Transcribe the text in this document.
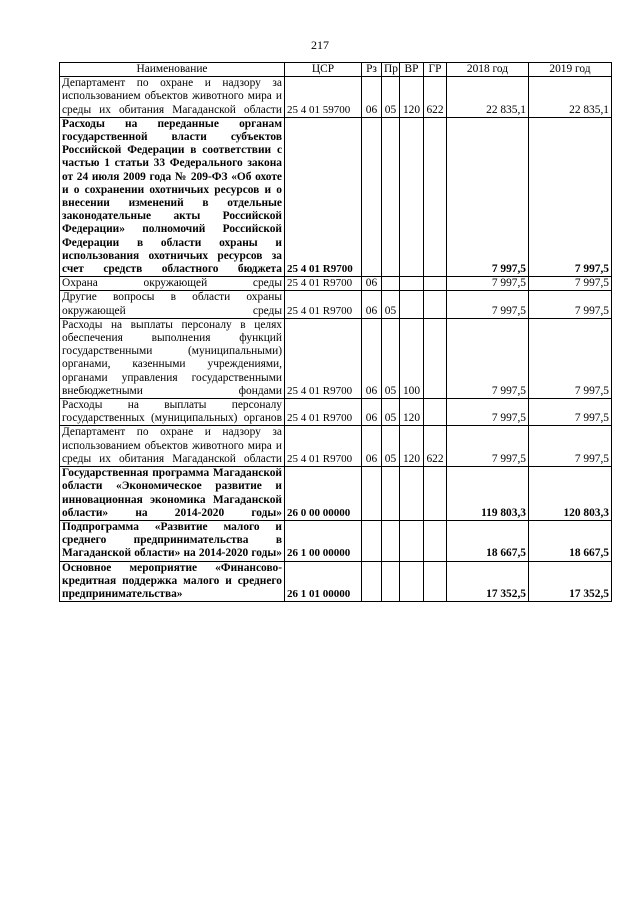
217
Наименование	ЦСР	Рз	Пр	ВР	ГР	2018 год	2019 год
Департамент по охране и надзору за использованием объектов животного мира и среды их обитания Магаданской области	25 4 01 59700	06	05	120	622	22 835,1	22 835,1
Расходы на переданные органам государственной власти субъектов Российской Федерации в соответствии с частью 1 статьи 33 Федерального закона от 24 июля 2009 года № 209-ФЗ «Об охоте и о сохранении охотничьих ресурсов и о внесении изменений в отдельные законодательные акты Российской Федерации» полномочий Российской Федерации в области охраны и использования охотничьих ресурсов за счет средств областного бюджета	25 4 01 R9700					7 997,5	7 997,5
Охрана окружающей среды	25 4 01 R9700	06				7 997,5	7 997,5
Другие вопросы в области охраны окружающей среды	25 4 01 R9700	06	05			7 997,5	7 997,5
Расходы на выплаты персоналу в целях обеспечения выполнения функций государственными (муниципальными) органами, казенными учреждениями, органами управления государственными внебюджетными фондами	25 4 01 R9700	06	05	100		7 997,5	7 997,5
Расходы на выплаты персоналу государственных (муниципальных) органов	25 4 01 R9700	06	05	120		7 997,5	7 997,5
Департамент по охране и надзору за использованием объектов животного мира и среды их обитания Магаданской области	25 4 01 R9700	06	05	120	622	7 997,5	7 997,5
Государственная программа Магаданской области «Экономическое развитие и инновационная экономика Магаданской области» на 2014-2020 годы»	26 0 00 00000					119 803,3	120 803,3
Подпрограмма «Развитие малого и среднего предпринимательства в Магаданской области» на 2014-2020 годы»	26 1 00 00000					18 667,5	18 667,5
Основное мероприятие «Финансово-кредитная поддержка малого и среднего предпринимательства»	26 1 01 00000					17 352,5	17 352,5
